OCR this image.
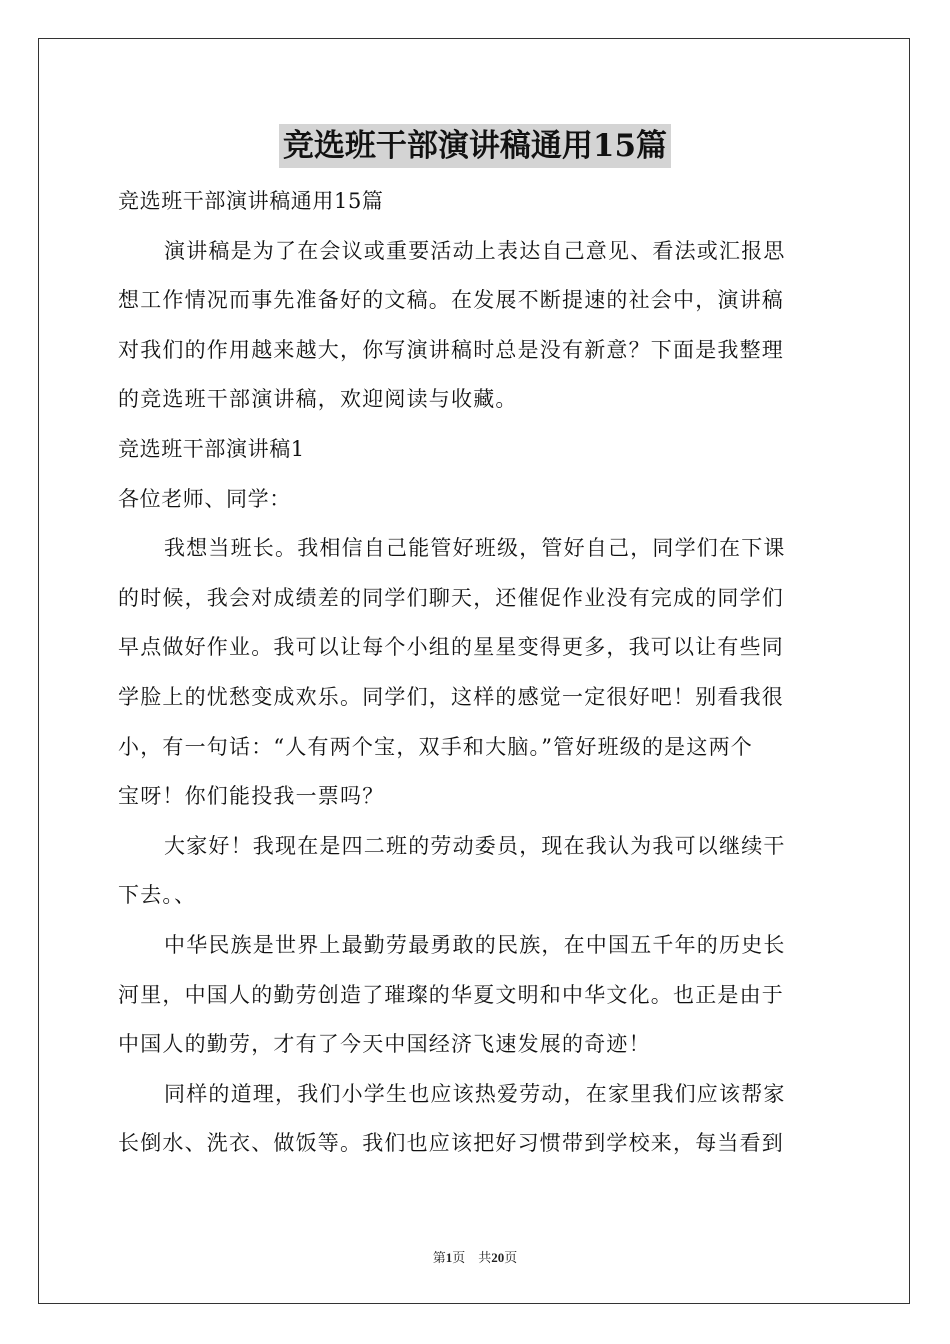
竞选班干部演讲稿通用15篇
竞选班干部演讲稿通用15篇
演讲稿是为了在会议或重要活动上表达自己意见、看法或汇报思
想工作情况而事先准备好的文稿。在发展不断提速的社会中，演讲稿
对我们的作用越来越大，你写演讲稿时总是没有新意？下面是我整理
的竞选班干部演讲稿，欢迎阅读与收藏。
竞选班干部演讲稿1
各位老师、同学：
我想当班长。我相信自己能管好班级，管好自己，同学们在下课
的时候，我会对成绩差的同学们聊天，还催促作业没有完成的同学们
早点做好作业。我可以让每个小组的星星变得更多，我可以让有些同
学脸上的忧愁变成欢乐。同学们，这样的感觉一定很好吧！别看我很
小，有一句话：“人有两个宝，双手和大脑。”管好班级的是这两个
宝呀！你们能投我一票吗？
大家好！我现在是四二班的劳动委员，现在我认为我可以继续干
下去。、
中华民族是世界上最勤劳最勇敢的民族，在中国五千年的历史长
河里，中国人的勤劳创造了璀璨的华夏文明和中华文化。也正是由于
中国人的勤劳，才有了今天中国经济飞速发展的奇迹！
同样的道理，我们小学生也应该热爱劳动，在家里我们应该帮家
长倒水、洗衣、做饭等。我们也应该把好习惯带到学校来，每当看到
第1页 共20页
